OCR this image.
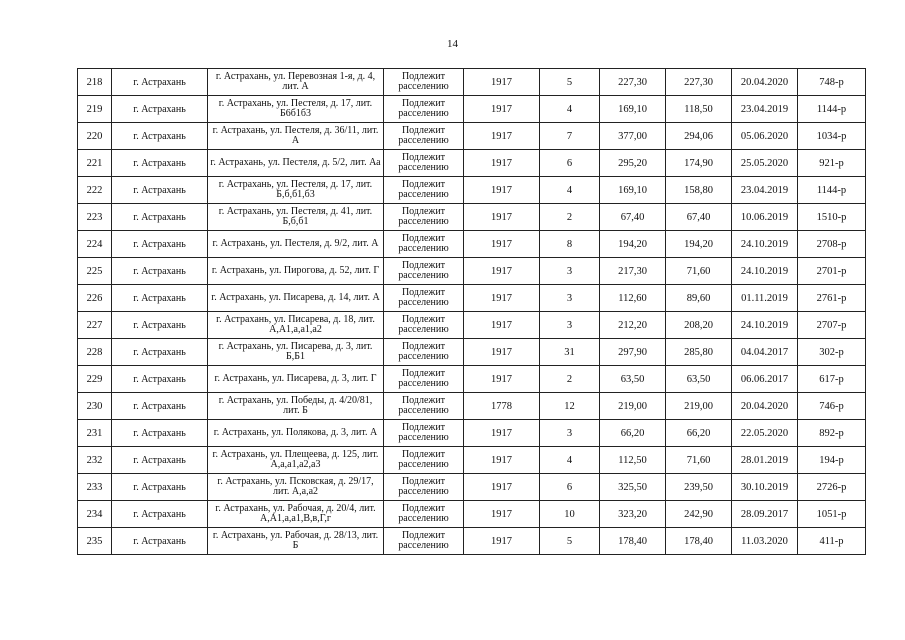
14
218	г. Астрахань	г. Астрахань, ул. Перевозная 1-я, д. 4, лит. А	Подлежит расселению	1917	5	227,30	227,30	20.04.2020	748-р
219	г. Астрахань	г. Астрахань, ул. Пестеля, д. 17, лит. Б6б1б3	Подлежит расселению	1917	4	169,10	118,50	23.04.2019	1144-р
220	г. Астрахань	г. Астрахань, ул. Пестеля, д. 36/11, лит. А	Подлежит расселению	1917	7	377,00	294,06	05.06.2020	1034-р
221	г. Астрахань	г. Астрахань, ул. Пестеля, д. 5/2, лит. Аа	Подлежит расселению	1917	6	295,20	174,90	25.05.2020	921-р
222	г. Астрахань	г. Астрахань, ул. Пестеля, д. 17, лит. Б,б,б1,б3	Подлежит расселению	1917	4	169,10	158,80	23.04.2019	1144-р
223	г. Астрахань	г. Астрахань, ул. Пестеля, д. 41, лит. Б,б,б1	Подлежит расселению	1917	2	67,40	67,40	10.06.2019	1510-р
224	г. Астрахань	г. Астрахань, ул. Пестеля, д. 9/2, лит. А	Подлежит расселению	1917	8	194,20	194,20	24.10.2019	2708-р
225	г. Астрахань	г. Астрахань, ул. Пирогова, д. 52, лит. Г	Подлежит расселению	1917	3	217,30	71,60	24.10.2019	2701-р
226	г. Астрахань	г. Астрахань, ул. Писарева, д. 14, лит. А	Подлежит расселению	1917	3	112,60	89,60	01.11.2019	2761-р
227	г. Астрахань	г. Астрахань, ул. Писарева, д. 18, лит. А,А1,а,а1,а2	Подлежит расселению	1917	3	212,20	208,20	24.10.2019	2707-р
228	г. Астрахань	г. Астрахань, ул. Писарева, д. 3, лит. Б,Б1	Подлежит расселению	1917	31	297,90	285,80	04.04.2017	302-р
229	г. Астрахань	г. Астрахань, ул. Писарева, д. 3, лит. Г	Подлежит расселению	1917	2	63,50	63,50	06.06.2017	617-р
230	г. Астрахань	г. Астрахань, ул. Победы, д. 4/20/81, лит. Б	Подлежит расселению	1778	12	219,00	219,00	20.04.2020	746-р
231	г. Астрахань	г. Астрахань, ул. Полякова, д. 3, лит. А	Подлежит расселению	1917	3	66,20	66,20	22.05.2020	892-р
232	г. Астрахань	г. Астрахань, ул. Плещеева, д. 125, лит. А,а,а1,а2,а3	Подлежит расселению	1917	4	112,50	71,60	28.01.2019	194-р
233	г. Астрахань	г. Астрахань, ул. Псковская, д. 29/17, лит. А,а,а2	Подлежит расселению	1917	6	325,50	239,50	30.10.2019	2726-р
234	г. Астрахань	г. Астрахань, ул. Рабочая, д. 20/4, лит. А,А1,а,а1,В,в,Г,г	Подлежит расселению	1917	10	323,20	242,90	28.09.2017	1051-р
235	г. Астрахань	г. Астрахань, ул. Рабочая, д. 28/13, лит. Б	Подлежит расселению	1917	5	178,40	178,40	11.03.2020	411-р
